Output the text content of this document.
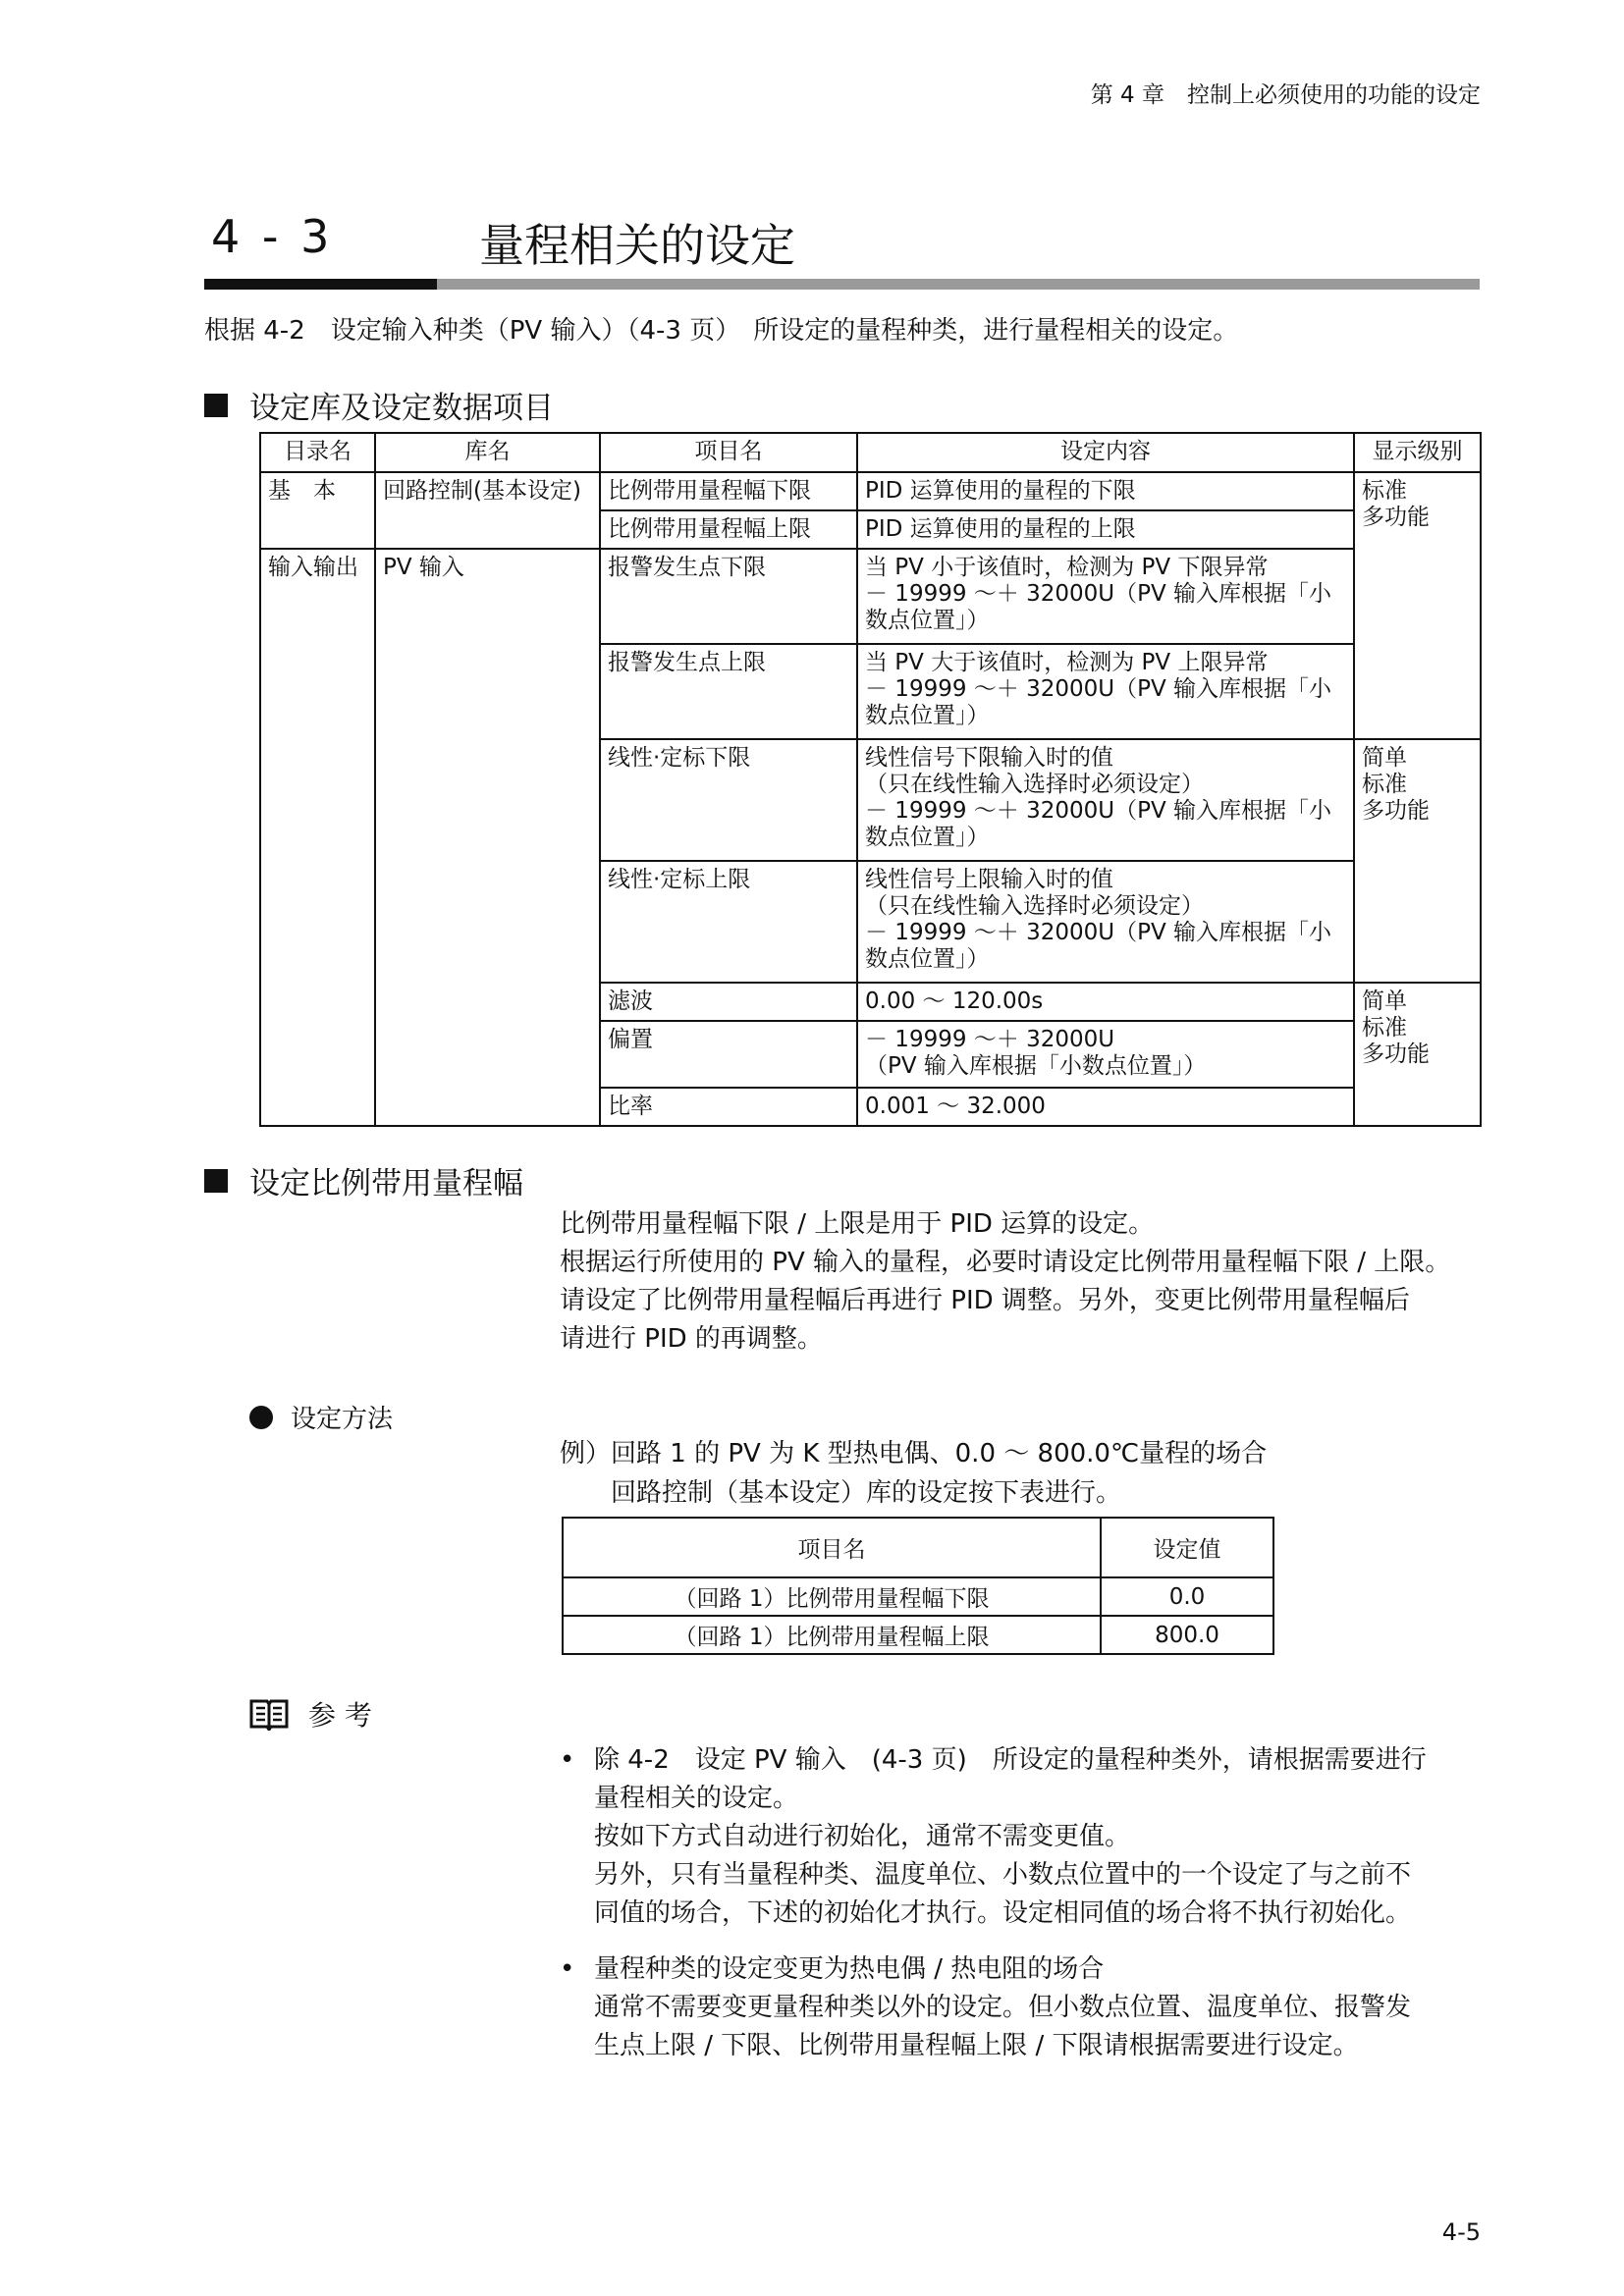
第 4 章　控制上必须使用的功能的设定
4 - 3	量程相关的设定
根据 4-2　设定输入种类（PV 输入）（4-3 页）　所设定的量程种类，进行量程相关的设定。
设定库及设定数据项目
目录名	库名	项目名	设定内容	显示级别
基　本	回路控制(基本设定)	比例带用量程幅下限	PID 运算使用的量程的下限	标准
多功能
		比例带用量程幅上限	PID 运算使用的量程的上限	
输入输出	PV 输入	报警发生点下限	当 PV 小于该值时，检测为 PV 下限异常
－ 19999 ～＋ 32000U（PV 输入库根据「小数点位置」）	
		报警发生点上限	当 PV 大于该值时，检测为 PV 上限异常
－ 19999 ～＋ 32000U（PV 输入库根据「小数点位置」）	
		线性·定标下限	线性信号下限输入时的值
（只在线性输入选择时必须设定）
－ 19999 ～＋ 32000U（PV 输入库根据「小数点位置」）	简单
标准
多功能
		线性·定标上限	线性信号上限输入时的值
（只在线性输入选择时必须设定）
－ 19999 ～＋ 32000U（PV 输入库根据「小数点位置」）	
		滤波	0.00 ～ 120.00s	简单
标准
多功能
		偏置	－ 19999 ～＋ 32000U
（PV 输入库根据「小数点位置」）	
		比率	0.001 ～ 32.000	
设定比例带用量程幅
比例带用量程幅下限 / 上限是用于 PID 运算的设定。
根据运行所使用的 PV 输入的量程，必要时请设定比例带用量程幅下限 / 上限。
请设定了比例带用量程幅后再进行 PID 调整。另外，变更比例带用量程幅后
请进行 PID 的再调整。
设定方法
例）回路 1 的 PV 为 K 型热电偶、0.0 ～ 800.0℃量程的场合
回路控制（基本设定）库的设定按下表进行。
项目名	设定值
（回路 1）比例带用量程幅下限	0.0
（回路 1）比例带用量程幅上限	800.0
参 考
• 除 4-2　设定 PV 输入　(4-3 页)　所设定的量程种类外，请根据需要进行
量程相关的设定。
按如下方式自动进行初始化，通常不需变更值。
另外，只有当量程种类、温度单位、小数点位置中的一个设定了与之前不
同值的场合，下述的初始化才执行。设定相同值的场合将不执行初始化。
• 量程种类的设定变更为热电偶 / 热电阻的场合
通常不需要变更量程种类以外的设定。但小数点位置、温度单位、报警发
生点上限 / 下限、比例带用量程幅上限 / 下限请根据需要进行设定。
4-5
